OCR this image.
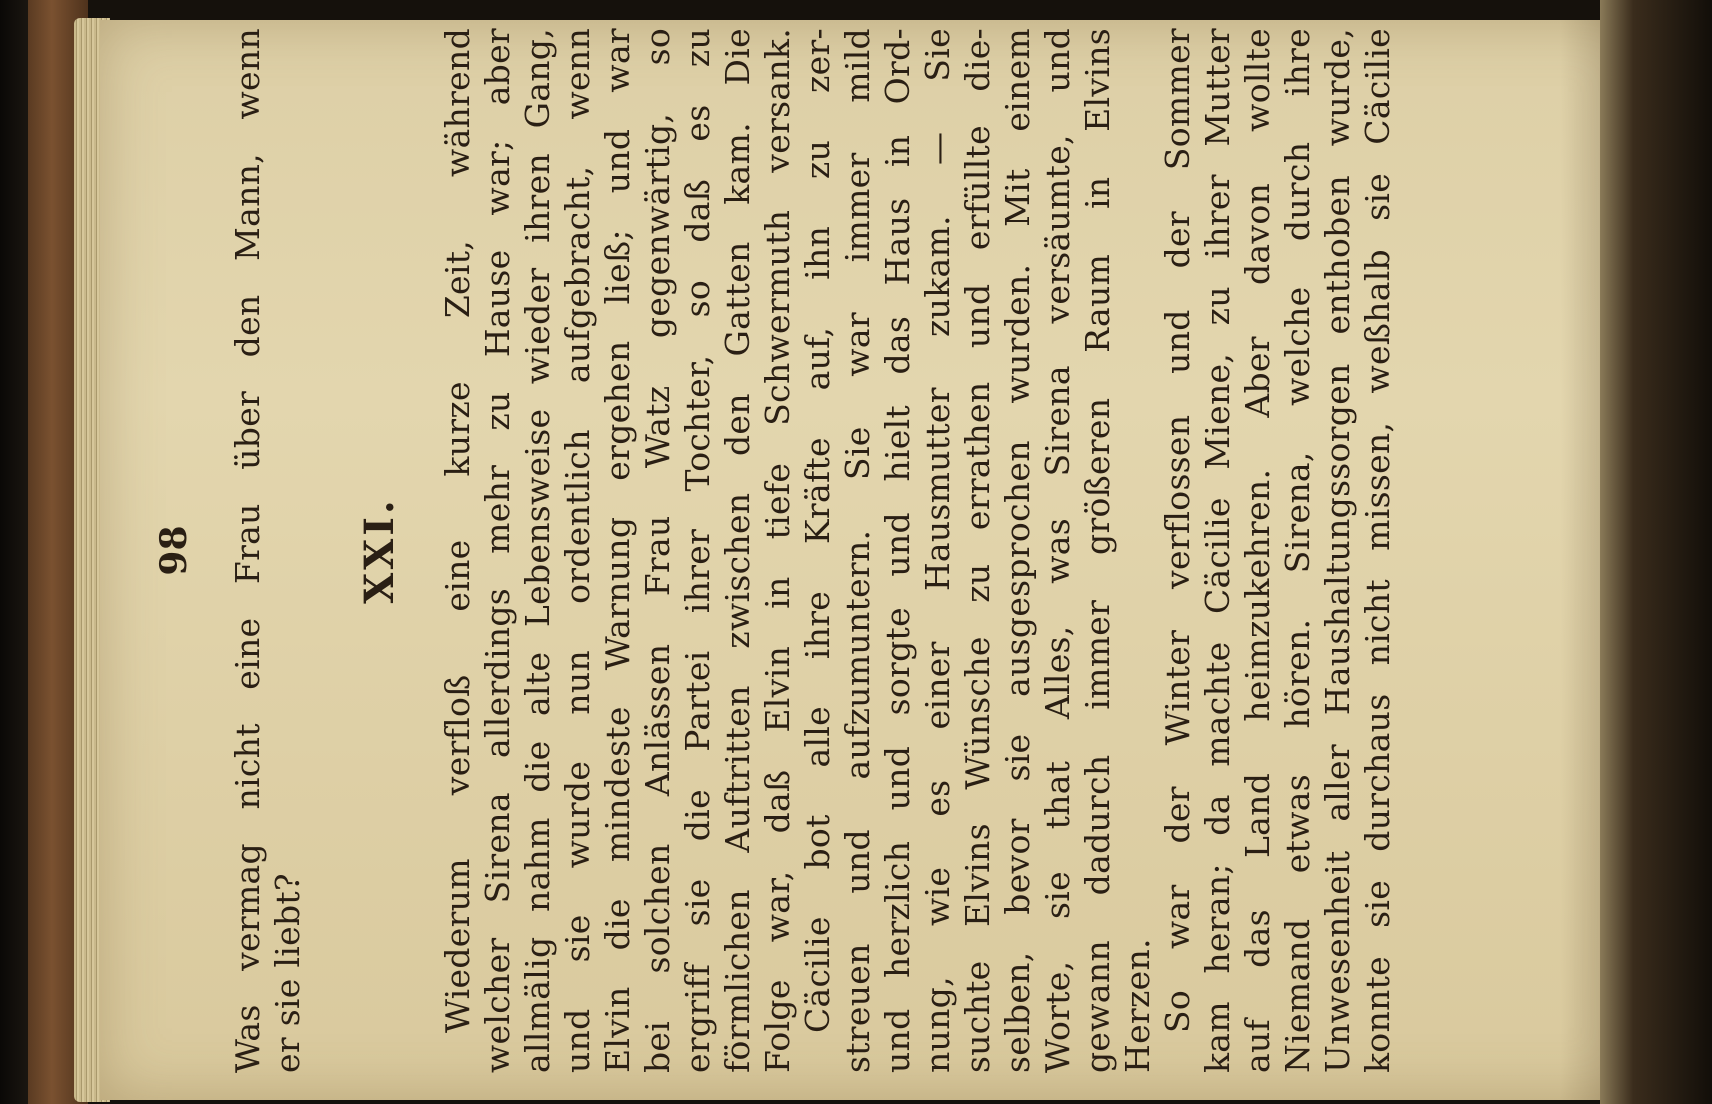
98 Was vermag nicht eine Frau über den Mann, wenn er sie liebt?
XXI. Wiederum verfloß eine kurze Zeit, während welcher Sirena allerdings mehr zu Hause war; aber allmälig nahm die alte Lebensweise wieder ihren Gang, und sie wurde nun ordentlich aufgebracht, wenn Elvin die mindeste Warnung ergehen ließ; und war bei solchen Anlässen Frau Watz gegenwärtig, so ergriff sie die Partei ihrer Tochter, so daß es zu förmlichen Auftritten zwischen den Gatten kam. Die Folge war, daß Elvin in tiefe Schwermuth versank. Cäcilie bot alle ihre Kräfte auf, ihn zu zer- streuen und aufzumuntern. Sie war immer mild und herzlich und sorgte und hielt das Haus in Ord- nung, wie es einer Hausmutter zukam. — Sie suchte Elvins Wünsche zu errathen und erfüllte die- selben, bevor sie ausgesprochen wurden. Mit einem Worte, sie that Alles, was Sirena versäumte, und gewann dadurch immer größeren Raum in Elvins Herzen. So war der Winter verflossen und der Sommer kam heran; da machte Cäcilie Miene, zu ihrer Mutter auf das Land heimzukehren. Aber davon wollte Niemand etwas hören. Sirena, welche durch ihre Unwesenheit aller Haushaltungssorgen enthoben wurde, konnte sie durchaus nicht missen, weßhalb sie Cäcilie
